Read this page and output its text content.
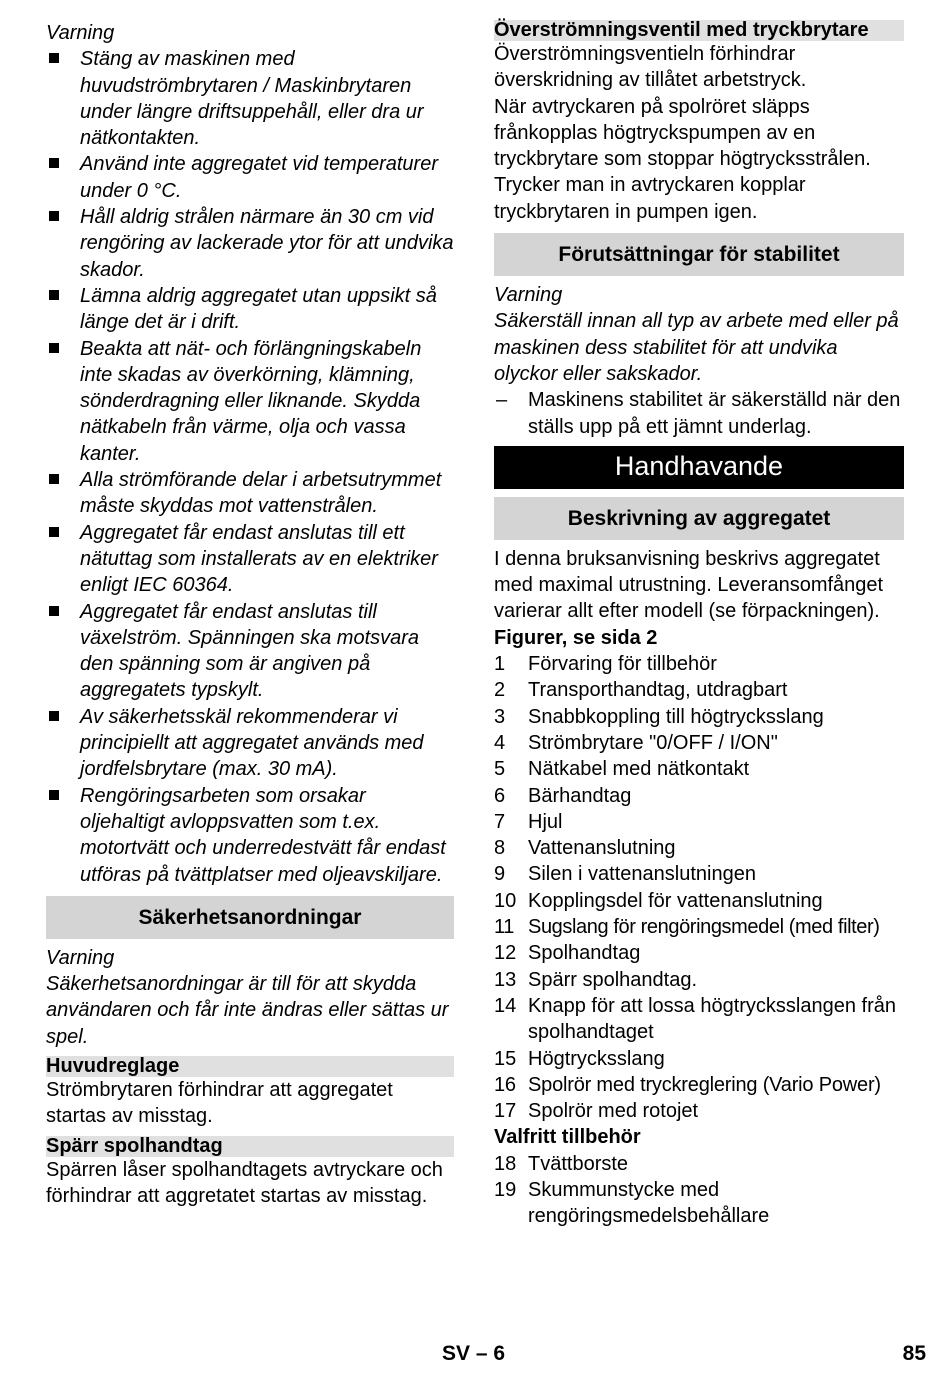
Varning

Stäng av maskinen med huvudströmbrytaren / Maskinbrytaren under längre driftsuppehåll, eller dra ur nätkontakten.
Använd inte aggregatet vid temperaturer under 0 °C.
Håll aldrig strålen närmare än 30 cm vid rengöring av lackerade ytor för att undvika skador.
Lämna aldrig aggregatet utan uppsikt så länge det är i drift.
Beakta att nät- och förlängningskabeln inte skadas av överkörning, klämning, sönderdragning eller liknande. Skydda nätkabeln från värme, olja och vassa kanter.
Alla strömförande delar i arbetsutrymmet måste skyddas mot vattenstrålen.
Aggregatet får endast anslutas till ett nätuttag som installerats av en elektriker enligt IEC 60364.
Aggregatet får endast anslutas till växelström. Spänningen ska motsvara den spänning som är angiven på aggregatets typskylt.
Av säkerhetsskäl rekommenderar vi principiellt att aggregatet används med jordfelsbrytare (max. 30 mA).
Rengöringsarbeten som orsakar oljehaltigt avloppsvatten som t.ex. motortvätt och underredestvätt får endast utföras på tvättplatser med oljeavskiljare.
Säkerhetsanordningar

Varning

Säkerhetsanordningar är till för att skydda användaren och får inte ändras eller sättas ur spel.

Huvudreglage

Strömbrytaren förhindrar att aggregatet startas av misstag.

Spärr spolhandtag

Spärren låser spolhandtagets avtryckare och förhindrar att aggretatet startas av misstag.

Överströmningsventil med tryckbrytare

Överströmningsventieln förhindrar överskridning av tillåtet arbetstryck.

När avtryckaren på spolröret släpps frånkopplas högtryckspumpen av en tryckbrytare som stoppar högtrycksstrålen. Trycker man in avtryckaren kopplar tryckbrytaren in pumpen igen.

Förutsättningar för stabilitet

Varning

Säkerställ innan all typ av arbete med eller på maskinen dess stabilitet för att undvika olyckor eller sakskador.

– Maskinens stabilitet är säkerställd när den ställs upp på ett jämnt underlag.

Handhavande
Beskrivning av aggregatet

I denna bruksanvisning beskrivs aggregatet med maximal utrustning. Leveransomfånget varierar allt efter modell (se förpackningen).

Figurer, se sida 2

1 Förvaring för tillbehör
2 Transporthandtag, utdragbart
3 Snabbkoppling till högtrycksslang
4 Strömbrytare "0/OFF / I/ON"
5 Nätkabel med nätkontakt
6 Bärhandtag
7 Hjul
8 Vattenanslutning
9 Silen i vattenanslutningen
10 Kopplingsdel för vattenanslutning
11 Sugslang för rengöringsmedel (med filter)
12 Spolhandtag
13 Spärr spolhandtag.
14 Knapp för att lossa högtrycksslangen från spolhandtaget
15 Högtrycksslang
16 Spolrör med tryckreglering (Vario Power)
17 Spolrör med rotojet

Valfritt tillbehör

18 Tvättborste
19 Skummunstycke med rengöringsmedelsbehållare
SV – 6	85
